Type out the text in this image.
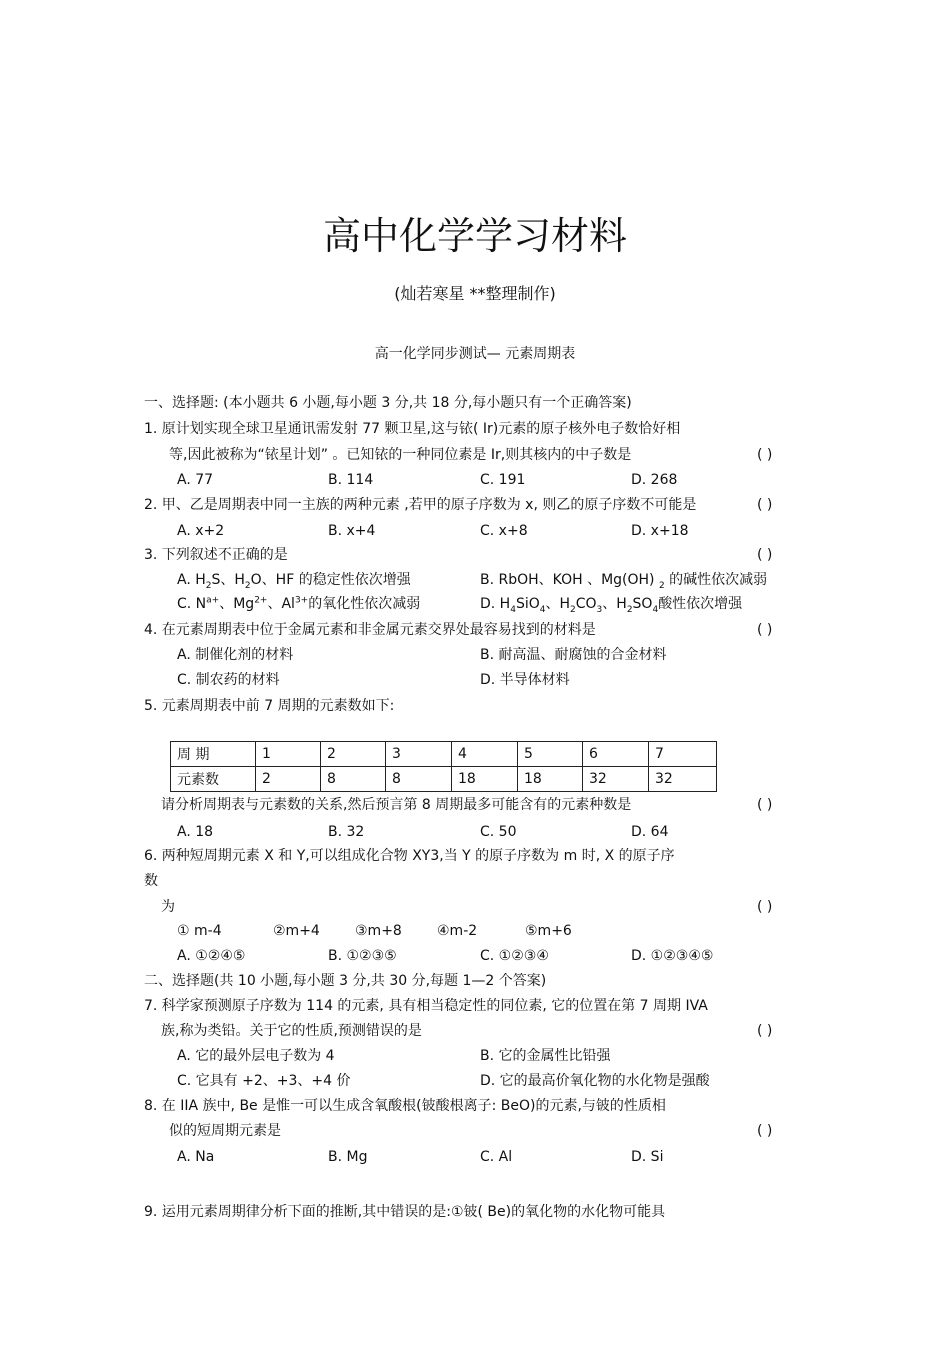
高中化学学习材料
(灿若寒星 **整理制作)
高一化学同步测试— 元素周期表
一、选择题: (本小题共 6 小题,每小题 3 分,共 18 分,每小题只有一个正确答案)
1. 原计划实现全球卫星通讯需发射 77 颗卫星,这与铱( Ir)元素的原子核外电子数恰好相
等,因此被称为“铱星计划” 。已知铱的一种同位素是 Ir,则其核内的中子数是	( )
A. 77	B. 114	C. 191	D. 268
2. 甲、乙是周期表中同一主族的两种元素 ,若甲的原子序数为 x, 则乙的原子序数不可能是	( )
A. x+2	B. x+4	C. x+8	D. x+18
3. 下列叙述不正确的是	( )
A. $H_2S$、$H_2O$、HF 的稳定性依次增强	B. RbOH、KOH 、Mg(OH) $_2$ 的碱性依次减弱
C. $N^{a+}$、$Mg^{2+}$、$Al^{3+}$的氧化性依次减弱	D. $H_4SiO_4$、$H_2CO_3$、$H_2SO_4$酸性依次增强
4. 在元素周期表中位于金属元素和非金属元素交界处最容易找到的材料是	( )
A. 制催化剂的材料	B. 耐高温、耐腐蚀的合金材料
C. 制农药的材料	D. 半导体材料
5. 元素周期表中前 7 周期的元素数如下:
周 期	1	2	3	4	5	6	7
元素数	2	8	8	18	18	32	32
请分析周期表与元素数的关系,然后预言第 8 周期最多可能含有的元素种数是	( )
A. 18	B. 32	C. 50	D. 64
6. 两种短周期元素 X 和 Y,可以组成化合物 XY3,当 Y 的原子序数为 m 时, X 的原子序
数
为	( )
① m-4	②m+4	③m+8	④m-2	⑤m+6
A. ①②④⑤	B. ①②③⑤	C. ①②③④	D. ①②③④⑤
二、选择题(共 10 小题,每小题 3 分,共 30 分,每题 1—2 个答案)
7. 科学家预测原子序数为 114 的元素, 具有相当稳定性的同位素, 它的位置在第 7 周期 IVA
族,称为类铅。关于它的性质,预测错误的是	( )
A. 它的最外层电子数为 4	B. 它的金属性比铅强
C. 它具有 +2、+3、+4 价	D. 它的最高价氧化物的水化物是强酸
8. 在 IIA 族中, Be 是惟一可以生成含氧酸根(铍酸根离子: BeO)的元素,与铍的性质相
似的短周期元素是	( )
A. Na	B. Mg	C. Al	D. Si
9. 运用元素周期律分析下面的推断,其中错误的是:①铍( Be)的氧化物的水化物可能具
